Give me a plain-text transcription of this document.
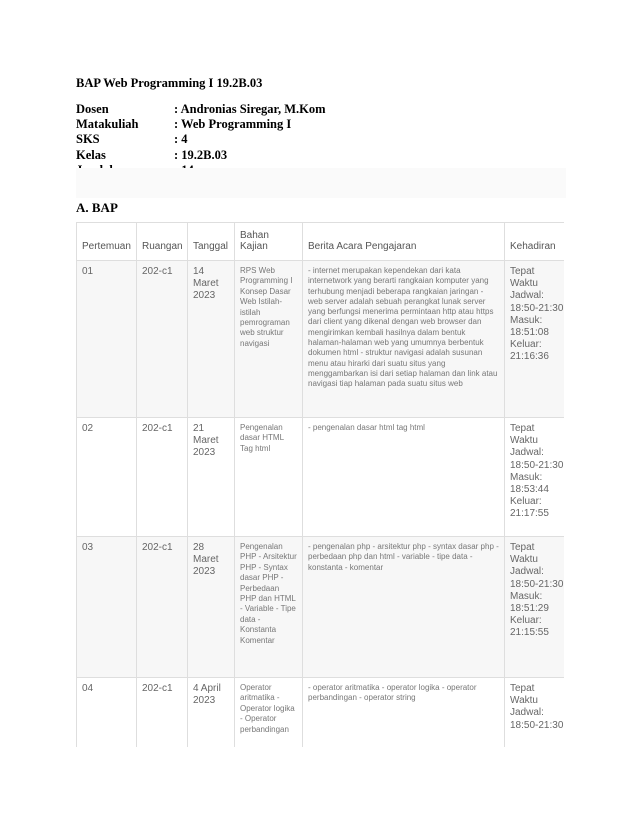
BAP Web Programming I 19.2B.03
Dosen	: Andronias Siregar, M.Kom
Matakuliah	: Web Programming I
SKS	: 4
Kelas	: 19.2B.03
A. BAP
Pertemuan	Ruangan	Tanggal	Bahan Kajian	Berita Acara Pengajaran	Kehadiran
01	202-c1	14 Maret 2023	RPS Web Programming I Konsep Dasar Web Istilah-istilah pemrograman web struktur navigasi	- internet merupakan kependekan dari kata internetwork yang berarti rangkaian komputer yang terhubung menjadi beberapa rangkaian jaringan - web server adalah sebuah perangkat lunak server yang berfungsi menerima permintaan http atau https dari client yang dikenal dengan web browser dan mengirimkan kembali hasilnya dalam bentuk halaman-halaman web yang umumnya berbentuk dokumen html - struktur navigasi adalah susunan menu atau hirarki dari suatu situs yang menggambarkan isi dari setiap halaman dan link atau navigasi tiap halaman pada suatu situs web	Tepat Waktu Jadwal: 18:50-21:30 Masuk: 18:51:08 Keluar: 21:16:36
02	202-c1	21 Maret 2023	Pengenalan dasar HTML Tag html	- pengenalan dasar html tag html	Tepat Waktu Jadwal: 18:50-21:30 Masuk: 18:53:44 Keluar: 21:17:55
03	202-c1	28 Maret 2023	Pengenalan PHP - Arsitektur PHP - Syntax dasar PHP - Perbedaan PHP dan HTML - Variable - Tipe data - Konstanta Komentar	- pengenalan php - arsitektur php - syntax dasar php - perbedaan php dan html - variable - tipe data - konstanta - komentar	Tepat Waktu Jadwal: 18:50-21:30 Masuk: 18:51:29 Keluar: 21:15:55
04	202-c1	4 April 2023	Operator aritmatika - Operator logika - Operator perbandingan	- operator aritmatika - operator logika - operator perbandingan - operator string	Tepat Waktu Jadwal: 18:50-21:30
